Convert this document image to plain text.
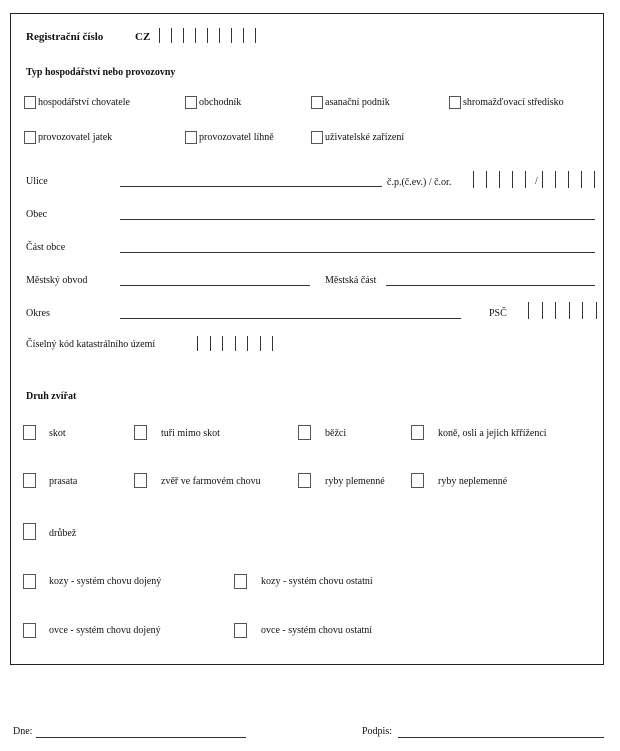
Registrační číslo	CZ
Typ hospodářství nebo provozovny
hospodářství chovatele	obchodník	asanační podnik	shromažďovací středisko
provozovatel jatek	provozovatel líhně	uživatelské zařízení
Ulice	č.p.(č.ev.) / č.or.	/
Obec
Část obce
Městský obvod	Městská část
Okres	PSČ
Číselný kód katastrálního území
Druh zvířat
skot	tuři mimo skot	běžci	koně, osli a jejich křříženci
prasata	zvěř ve farmovém chovu	ryby plemenné	ryby neplemenné
drůbež
kozy - systém chovu dojený	kozy - systém chovu ostatní
ovce - systém chovu dojený	ovce - systém chovu ostatní
Dne:	Podpis:
